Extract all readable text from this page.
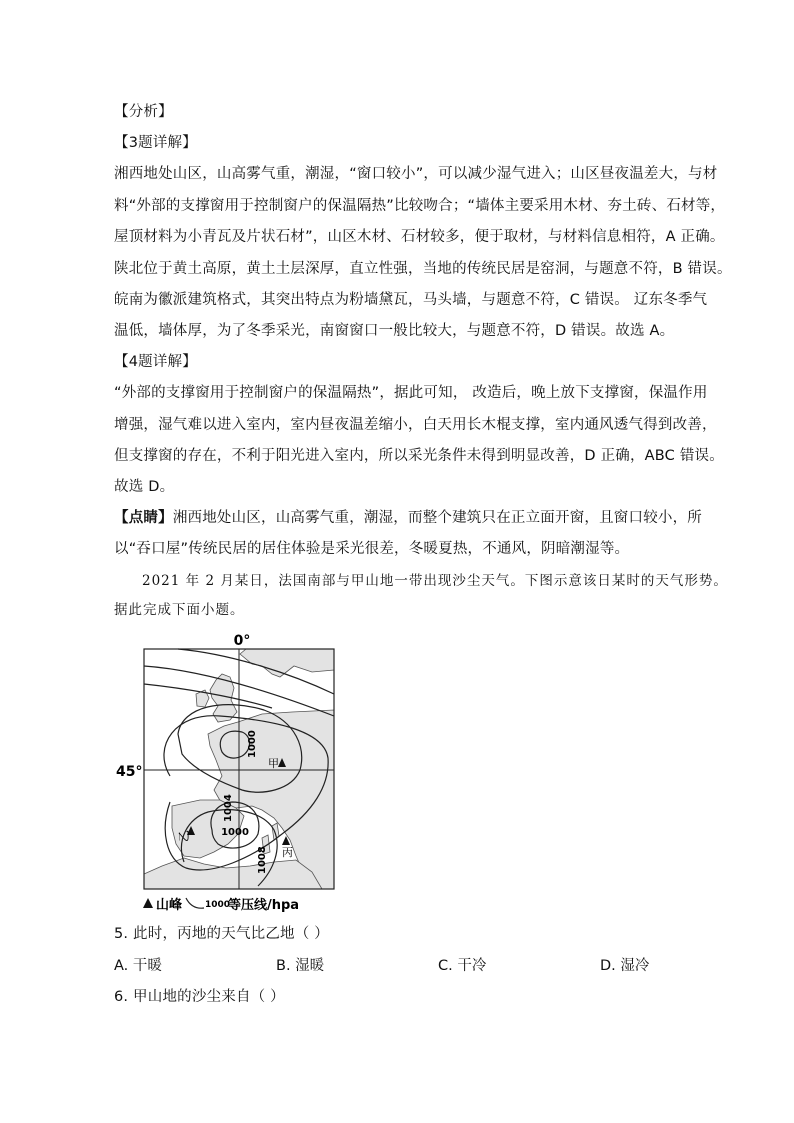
【分析】
【3题详解】
湘西地处山区，山高雾气重，潮湿，“窗口较小”，可以减少湿气进入；山区昼夜温差大，与材
料“外部的支撑窗用于控制窗户的保温隔热”比较吻合；“墙体主要采用木材、夯土砖、石材等，
屋顶材料为小青瓦及片状石材”，山区木材、石材较多，便于取材，与材料信息相符，A 正确。
陕北位于黄土高原，黄土土层深厚，直立性强，当地的传统民居是窑洞，与题意不符，B 错误。
皖南为徽派建筑格式，其突出特点为粉墙黛瓦，马头墙，与题意不符，C 错误。 辽东冬季气
温低，墙体厚，为了冬季采光，南窗窗口一般比较大，与题意不符，D 错误。故选 A。
【4题详解】
“外部的支撑窗用于控制窗户的保温隔热”，据此可知， 改造后，晚上放下支撑窗，保温作用
增强，湿气难以进入室内，室内昼夜温差缩小，白天用长木棍支撑，室内通风透气得到改善，
但支撑窗的存在，不利于阳光进入室内，所以采光条件未得到明显改善，D 正确，ABC 错误。
故选 D。
【点睛】湘西地处山区，山高雾气重，潮湿，而整个建筑只在正立面开窗，且窗口较小，所
以“吞口屋”传统民居的居住体验是采光很差，冬暖夏热，不通风，阴暗潮湿等。
2021 年 2 月某日，法国南部与甲山地一带出现沙尘天气。下图示意该日某时的天气形势。
据此完成下面小题。
0°
45°
1000
1004
1000
1008
甲
乙
丙
山峰	1000
等压线/hpa
5. 此时，丙地的天气比乙地（ ）
A. 干暖	B. 湿暖	C. 干冷	D. 湿冷
6. 甲山地的沙尘来自（ ）
